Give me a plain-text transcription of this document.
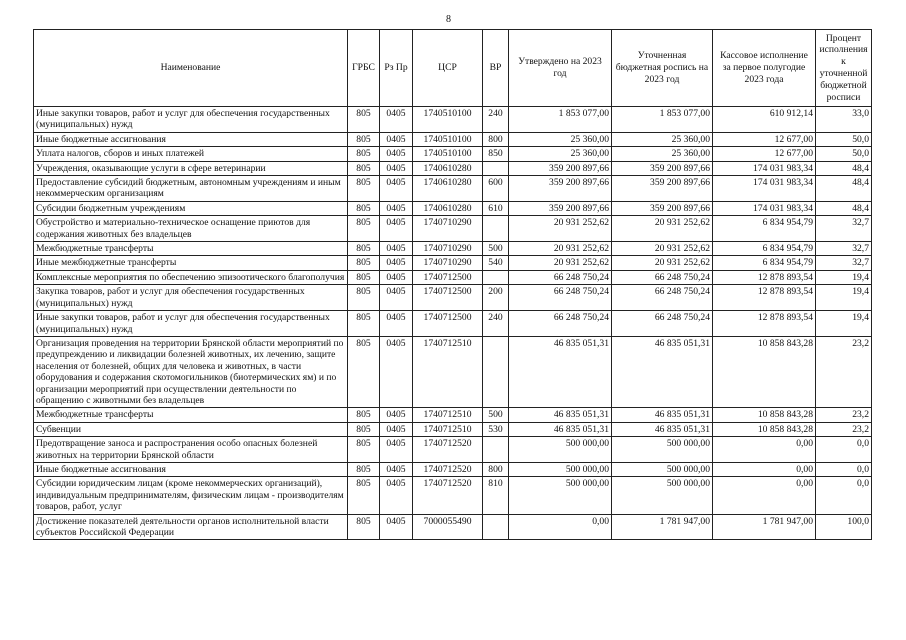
8
Наименование	ГРБС	Рз Пр	ЦСР	ВР	Утверждено на 2023 год	Уточненная бюджетная роспись на 2023 год	Кассовое исполнение за первое полугодие 2023 года	Процент исполнения к уточненной бюджетной росписи
Иные закупки товаров, работ и услуг для обеспечения государственных (муниципальных) нужд	805	0405	1740510100	240	1 853 077,00	1 853 077,00	610 912,14	33,0
Иные бюджетные ассигнования	805	0405	1740510100	800	25 360,00	25 360,00	12 677,00	50,0
Уплата налогов, сборов и иных платежей	805	0405	1740510100	850	25 360,00	25 360,00	12 677,00	50,0
Учреждения, оказывающие услуги в сфере ветеринарии	805	0405	1740610280		359 200 897,66	359 200 897,66	174 031 983,34	48,4
Предоставление субсидий бюджетным, автономным учреждениям и иным некоммерческим организациям	805	0405	1740610280	600	359 200 897,66	359 200 897,66	174 031 983,34	48,4
Субсидии бюджетным учреждениям	805	0405	1740610280	610	359 200 897,66	359 200 897,66	174 031 983,34	48,4
Обустройство и материально-техническое оснащение приютов для содержания животных без владельцев	805	0405	1740710290		20 931 252,62	20 931 252,62	6 834 954,79	32,7
Межбюджетные трансферты	805	0405	1740710290	500	20 931 252,62	20 931 252,62	6 834 954,79	32,7
Иные межбюджетные трансферты	805	0405	1740710290	540	20 931 252,62	20 931 252,62	6 834 954,79	32,7
Комплексные мероприятия по обеспечению эпизоотического благополучия	805	0405	1740712500		66 248 750,24	66 248 750,24	12 878 893,54	19,4
Закупка товаров, работ и услуг для обеспечения государственных (муниципальных) нужд	805	0405	1740712500	200	66 248 750,24	66 248 750,24	12 878 893,54	19,4
Иные закупки товаров, работ и услуг для обеспечения государственных (муниципальных) нужд	805	0405	1740712500	240	66 248 750,24	66 248 750,24	12 878 893,54	19,4
Организация проведения на территории Брянской области мероприятий по предупреждению и ликвидации болезней животных, их лечению, защите населения от болезней, общих для человека и животных, в части оборудования и содержания скотомогильников (биотермических ям) и по организации мероприятий при осуществлении деятельности по обращению с животными без владельцев	805	0405	1740712510		46 835 051,31	46 835 051,31	10 858 843,28	23,2
Межбюджетные трансферты	805	0405	1740712510	500	46 835 051,31	46 835 051,31	10 858 843,28	23,2
Субвенции	805	0405	1740712510	530	46 835 051,31	46 835 051,31	10 858 843,28	23,2
Предотвращение заноса и распространения особо опасных болезней животных на территории Брянской области	805	0405	1740712520		500 000,00	500 000,00	0,00	0,0
Иные бюджетные ассигнования	805	0405	1740712520	800	500 000,00	500 000,00	0,00	0,0
Субсидии юридическим лицам (кроме некоммерческих организаций), индивидуальным предпринимателям, физическим лицам - производителям товаров, работ, услуг	805	0405	1740712520	810	500 000,00	500 000,00	0,00	0,0
Достижение показателей деятельности органов исполнительной власти субъектов Российской Федерации	805	0405	7000055490		0,00	1 781 947,00	1 781 947,00	100,0
